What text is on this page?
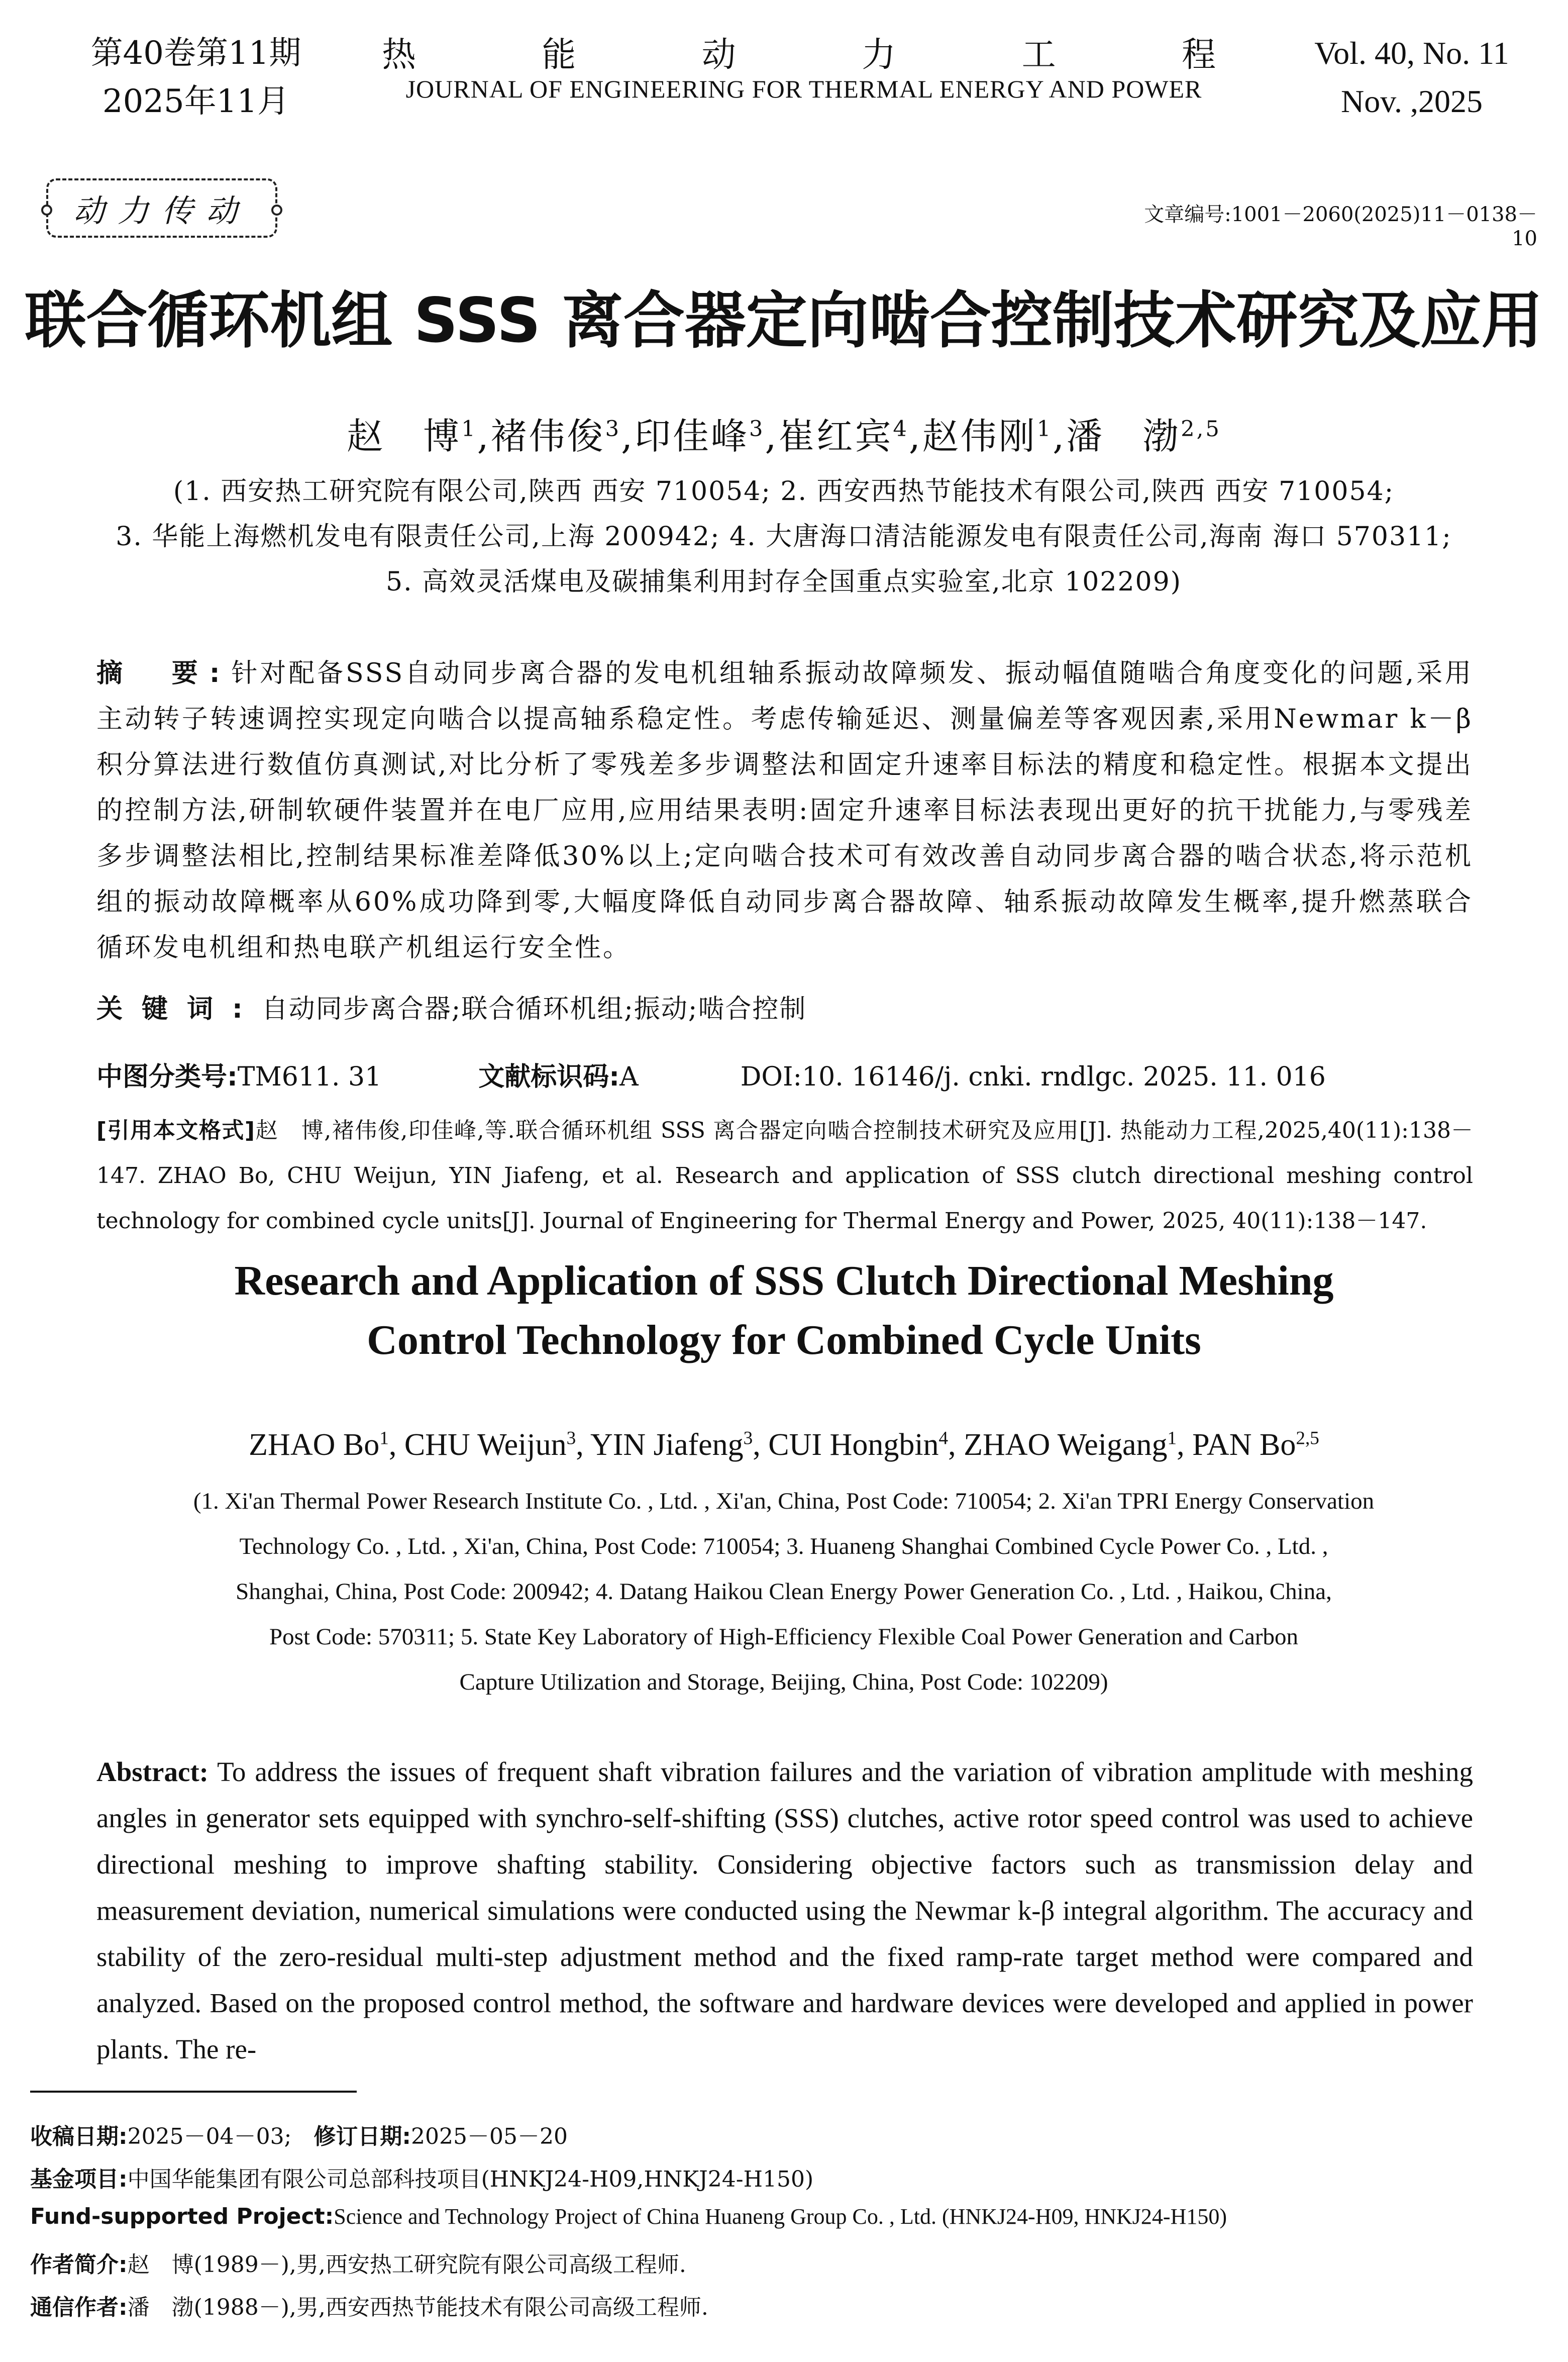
第40卷第11期
2025年11月
热	能	动	力	工	程
JOURNAL OF ENGINEERING FOR THERMAL ENERGY AND POWER
Vol. 40, No. 11
Nov. ,2025
动力传动	文章编号:1001－2060(2025)11－0138－10
联合循环机组 SSS 离合器定向啮合控制技术研究及应用
赵　博$^1$,褚伟俊$^3$,印佳峰$^3$,崔红宾$^4$,赵伟刚$^1$,潘　渤$^{2,5}$
(1. 西安热工研究院有限公司,陕西 西安 710054; 2. 西安西热节能技术有限公司,陕西 西安 710054;
3. 华能上海燃机发电有限责任公司,上海 200942; 4. 大唐海口清洁能源发电有限责任公司,海南 海口 570311;
5. 高效灵活煤电及碳捕集利用封存全国重点实验室,北京 102209)
摘　要:针对配备SSS自动同步离合器的发电机组轴系振动故障频发、振动幅值随啮合角度变化的问题,采用主动转子转速调控实现定向啮合以提高轴系稳定性。考虑传输延迟、测量偏差等客观因素,采用Newmar k－β积分算法进行数值仿真测试,对比分析了零残差多步调整法和固定升速率目标法的精度和稳定性。根据本文提出的控制方法,研制软硬件装置并在电厂应用,应用结果表明:固定升速率目标法表现出更好的抗干扰能力,与零残差多步调整法相比,控制结果标准差降低30%以上;定向啮合技术可有效改善自动同步离合器的啮合状态,将示范机组的振动故障概率从60%成功降到零,大幅度降低自动同步离合器故障、轴系振动故障发生概率,提升燃蒸联合循环发电机组和热电联产机组运行安全性。
关键词:自动同步离合器;联合循环机组;振动;啮合控制
中图分类号:TM611. 31	文献标识码:A	DOI:10. 16146/j. cnki. rndlgc. 2025. 11. 016
[引用本文格式]赵　博,褚伟俊,印佳峰,等.联合循环机组 SSS 离合器定向啮合控制技术研究及应用[J]. 热能动力工程,2025,40(11):138－147. ZHAO Bo, CHU Weijun, YIN Jiafeng, et al. Research and application of SSS clutch directional meshing control technology for combined cycle units[J]. Journal of Engineering for Thermal Energy and Power, 2025, 40(11):138－147.
Research and Application of SSS Clutch Directional Meshing
Control Technology for Combined Cycle Units
ZHAO Bo$^1$, CHU Weijun$^3$, YIN Jiafeng$^3$, CUI Hongbin$^4$, ZHAO Weigang$^1$, PAN Bo$^{2,5}$
(1. Xi'an Thermal Power Research Institute Co. , Ltd. , Xi'an, China, Post Code: 710054; 2. Xi'an TPRI Energy Conservation
Technology Co. , Ltd. , Xi'an, China, Post Code: 710054; 3. Huaneng Shanghai Combined Cycle Power Co. , Ltd. ,
Shanghai, China, Post Code: 200942; 4. Datang Haikou Clean Energy Power Generation Co. , Ltd. , Haikou, China,
Post Code: 570311; 5. State Key Laboratory of High-Efficiency Flexible Coal Power Generation and Carbon
Capture Utilization and Storage, Beijing, China, Post Code: 102209)
Abstract: To address the issues of frequent shaft vibration failures and the variation of vibration amplitude with meshing angles in generator sets equipped with synchro-self-shifting (SSS) clutches, active rotor speed control was used to achieve directional meshing to improve shafting stability. Considering objective factors such as transmission delay and measurement deviation, numerical simulations were conducted using the Newmar k-β integral algorithm. The accuracy and stability of the zero-residual multi-step adjustment method and the fixed ramp-rate target method were compared and analyzed. Based on the proposed control method, the software and hardware devices were developed and applied in power plants. The re-
收稿日期:2025－04－03;　修订日期:2025－05－20
基金项目:中国华能集团有限公司总部科技项目(HNKJ24-H09,HNKJ24-H150)
Fund-supported Project:Science and Technology Project of China Huaneng Group Co. , Ltd. (HNKJ24-H09, HNKJ24-H150)
作者简介:赵　博(1989－),男,西安热工研究院有限公司高级工程师.
通信作者:潘　渤(1988－),男,西安西热节能技术有限公司高级工程师.
